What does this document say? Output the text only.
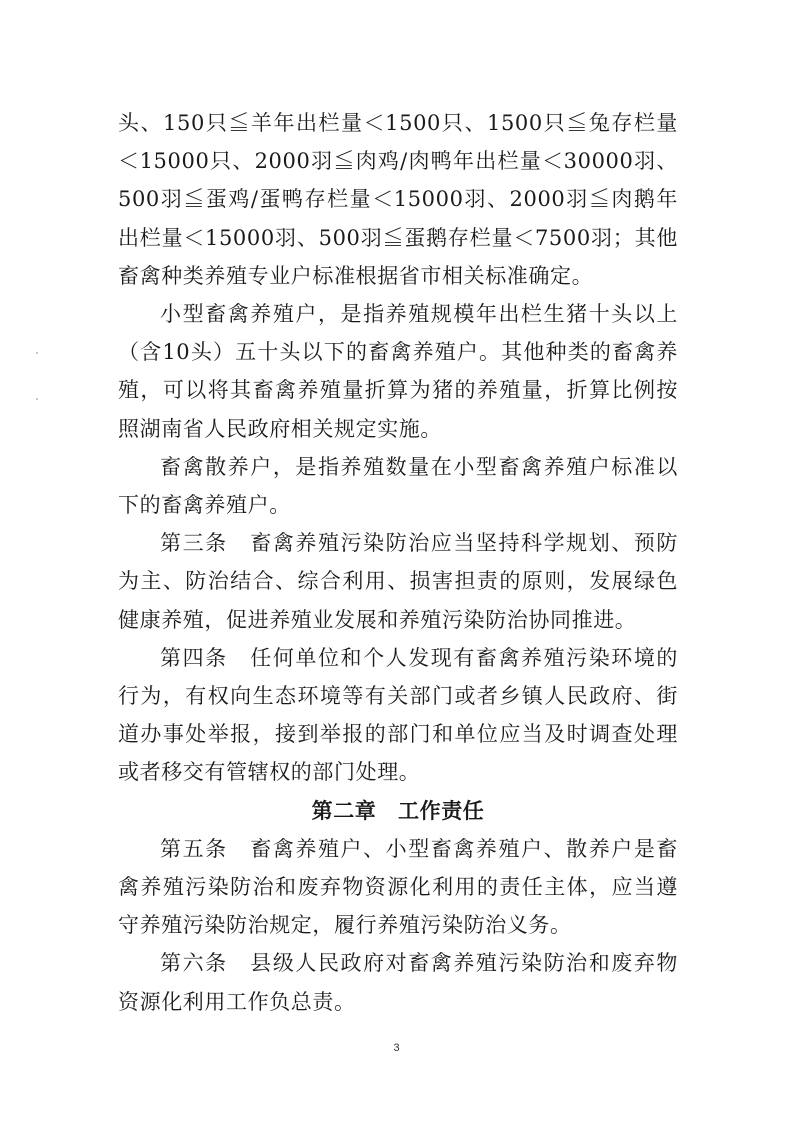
头、150只≦羊年出栏量＜1500只、1500只≦兔存栏量＜15000只、2000羽≦肉鸡/肉鸭年出栏量＜30000羽、500羽≦蛋鸡/蛋鸭存栏量＜15000羽、2000羽≦肉鹅年出栏量＜15000羽、500羽≦蛋鹅存栏量＜7500羽；其他畜禽种类养殖专业户标准根据省市相关标准确定。

小型畜禽养殖户，是指养殖规模年出栏生猪十头以上（含10头）五十头以下的畜禽养殖户。其他种类的畜禽养殖，可以将其畜禽养殖量折算为猪的养殖量，折算比例按照湖南省人民政府相关规定实施。

畜禽散养户，是指养殖数量在小型畜禽养殖户标准以下的畜禽养殖户。

第三条　畜禽养殖污染防治应当坚持科学规划、预防为主、防治结合、综合利用、损害担责的原则，发展绿色健康养殖，促进养殖业发展和养殖污染防治协同推进。

第四条　任何单位和个人发现有畜禽养殖污染环境的行为，有权向生态环境等有关部门或者乡镇人民政府、街道办事处举报，接到举报的部门和单位应当及时调查处理或者移交有管辖权的部门处理。

第二章　工作责任

第五条　畜禽养殖户、小型畜禽养殖户、散养户是畜禽养殖污染防治和废弃物资源化利用的责任主体，应当遵守养殖污染防治规定，履行养殖污染防治义务。

第六条　县级人民政府对畜禽养殖污染防治和废弃物资源化利用工作负总责。

3
